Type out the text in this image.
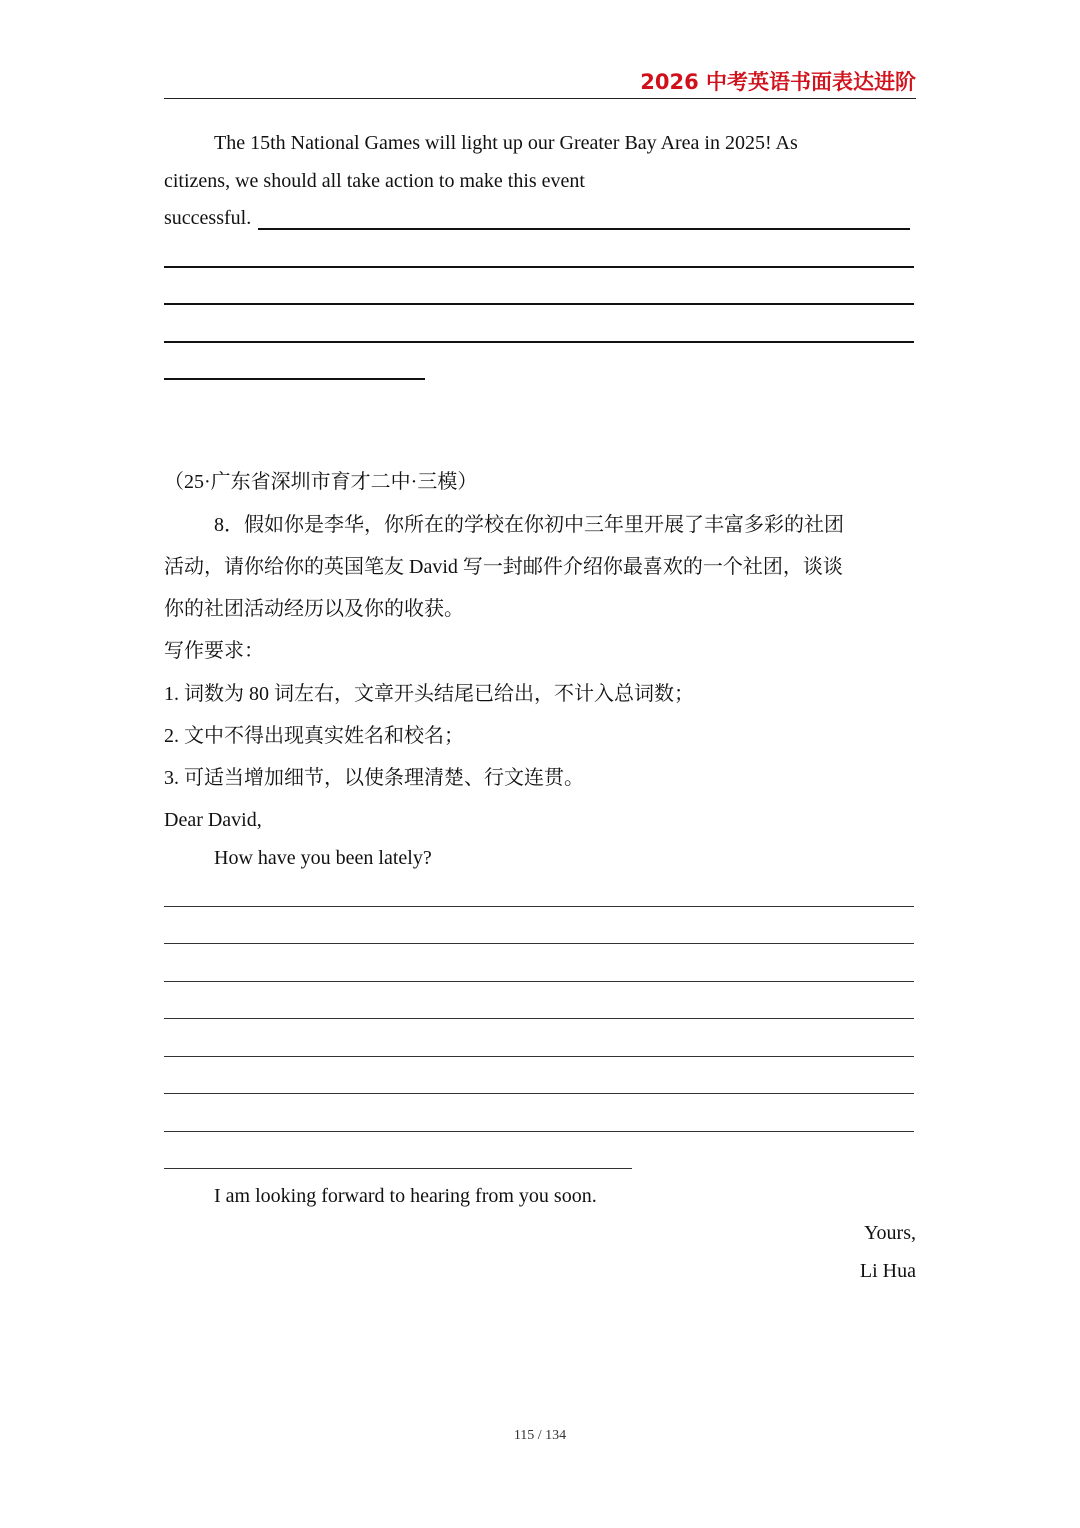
2026 中考英语书面表达进阶
The 15th National Games will light up our Greater Bay Area in 2025! As
citizens, we should all take action to make this event
successful.
（25·广东省深圳市育才二中·三模）
8．假如你是李华，你所在的学校在你初中三年里开展了丰富多彩的社团
活动，请你给你的英国笔友 David 写一封邮件介绍你最喜欢的一个社团，谈谈
你的社团活动经历以及你的收获。
写作要求：
1. 词数为 80 词左右，文章开头结尾已给出，不计入总词数；
2. 文中不得出现真实姓名和校名；
3. 可适当增加细节，以使条理清楚、行文连贯。
Dear David,
How have you been lately?
I am looking forward to hearing from you soon.
Yours,
Li Hua
115 / 134
